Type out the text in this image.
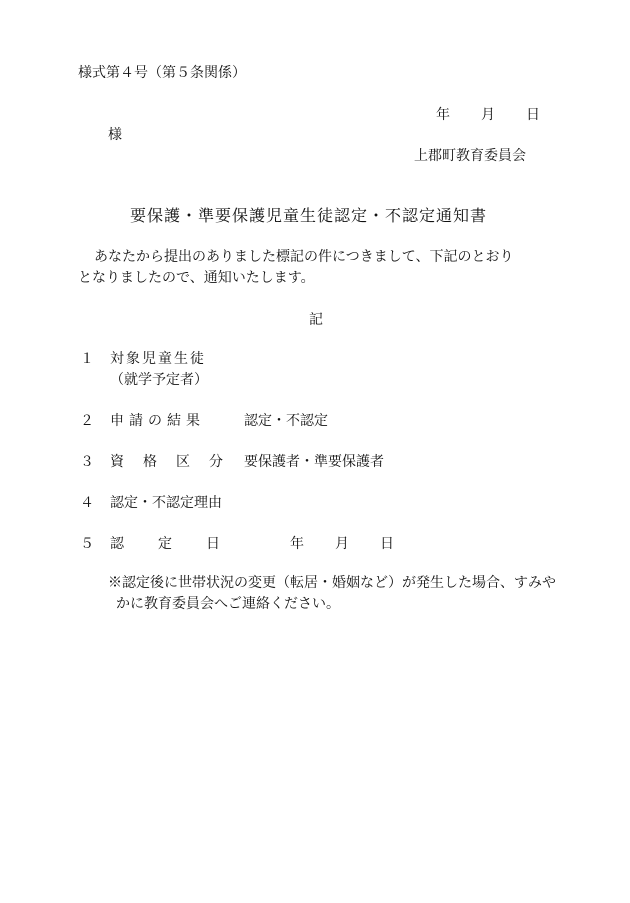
様式第４号（第５条関係）
年 月 日
様
上郡町教育委員会
要保護・準要保護児童生徒認定・不認定通知書
あなたから提出のありました標記の件につきまして、下記のとおり
となりましたので、通知いたします。
記
１ 対象児童生徒
（就学予定者）
２ 申請の結果	認定・不認定
３ 資格区分 要保護者・準要保護者
４ 認定・不認定理由
５ 認定日	年 月 日
※認定後に世帯状況の変更（転居・婚姻など）が発生した場合、すみや
かに教育委員会へご連絡ください。
